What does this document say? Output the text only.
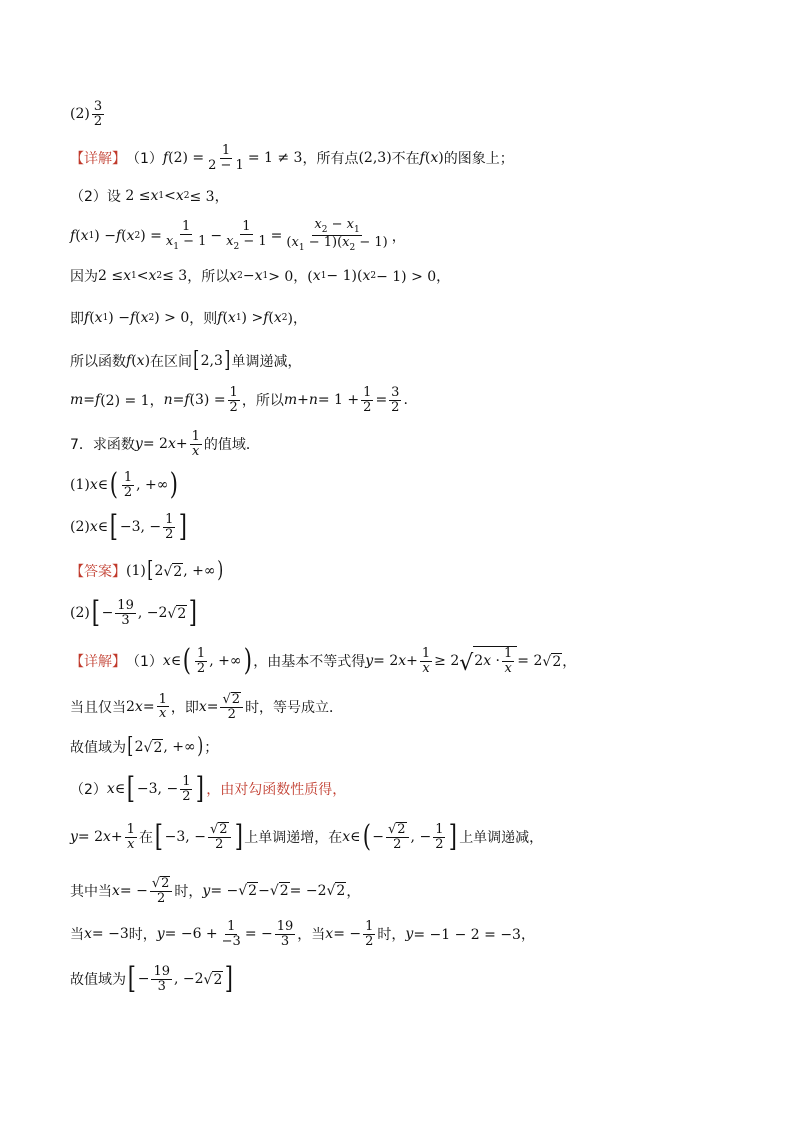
$(2) \frac{3}{2}$
【详解】 （1） f $(2) = \frac{1}{2 - 1} = 1 \ne 3$ ，所有点 (2,3) 不在 f ( x ) 的图象上；
（2）设 2 ≤ x 1 < x 2 ≤ 3，
f ( x 1 ) − f ( x 2 ) = $\frac{1}{x_1 - 1} - \frac{1}{x_2 - 1} = \frac{x_2 - x_1}{(x_1 - 1)(x_2 - 1)}$ ，
因为 2 ≤ x 1 < x 2 ≤ 3 ，所以 x 2 − x 1 > 0，( x 1 − 1)( x 2 − 1) > 0，
即 f ( x 1 ) − f ( x 2 ) > 0 ，则 f ( x 1 ) > f ( x 2 )，
所以函数 f ( x ) 在区间 [ 2,3 ] 单调递减，
m = f (2) = 1， n = f $(3) = \frac{1}{2}$ ，所以 $m + n = 1 + \frac{1}{2} = \frac{3}{2}$ .
7．求函数 y = 2 $x + \frac{1}{x}$ 的值域．
(1) x ∈ ( $\frac{1}{2}$ , +∞ )
(2) x ∈ [ −3, − $\frac{1}{2}$ ]
【答案】 (1) [ 2 √ 2 , +∞ )
(2) [ − $\frac{19}{3}$ , −2 √ 2 ]
【详解】 （1） x ∈ ( $\frac{1}{2}$ , +∞ ) ，由基本不等式得 y = 2 $x + \frac{1}{x} \ge 2$ √ $2x \cdot \frac{1}{x} = 2$ √ 2 ，
当且仅当 2 $x = \frac{1}{x}$ ，即 $x = \frac{√ 2}{2}$ 时，等号成立．
故值域为 [ 2 √ 2 , +∞ ) ；
（2） x ∈ [ −3, − $\frac{1}{2}$ ] ，由对勾函数性质得，
y = 2 $x + \frac{1}{x}$ 在 [ −3, − $\frac{√ 2}{2}$ ] 上单调递增，在 x ∈ ( − $\frac{√ 2}{2}$ , − $\frac{1}{2}$ ] 上单调递减，
其中当 x = − $\frac{√ 2}{2}$ 时， y = − √ 2 − √ 2 = −2 √ 2 ，
当 x = −3 时， $y = -6 + \frac{1}{-3}$ = − $\frac{19}{3}$ ，当 x = − $\frac{1}{2}$ 时， y = −1 − 2 = −3，
故值域为 [ − $\frac{19}{3}$ , −2 √ 2 ]
